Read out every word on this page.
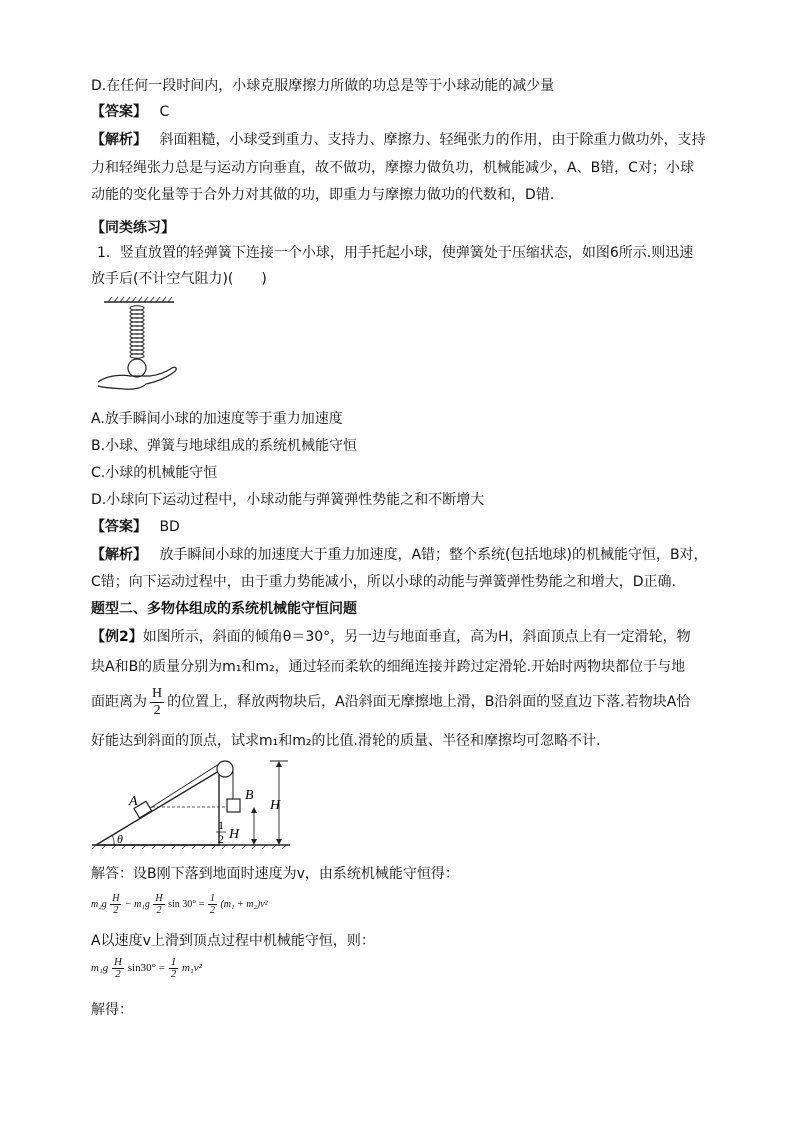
D.在任何一段时间内，小球克服摩擦力所做的功总是等于小球动能的减少量
【答案】 C
【解析】 斜面粗糙，小球受到重力、支持力、摩擦力、轻绳张力的作用，由于除重力做功外，支持
力和轻绳张力总是与运动方向垂直，故不做功，摩擦力做负功，机械能减少，A、B错，C对；小球
动能的变化量等于合外力对其做的功，即重力与摩擦力做功的代数和，D错.
【同类练习】
1．竖直放置的轻弹簧下连接一个小球，用手托起小球，使弹簧处于压缩状态，如图6所示.则迅速
放手后(不计空气阻力)(　　)
A.放手瞬间小球的加速度等于重力加速度
B.小球、弹簧与地球组成的系统机械能守恒
C.小球的机械能守恒
D.小球向下运动过程中，小球动能与弹簧弹性势能之和不断增大
【答案】 BD
【解析】 放手瞬间小球的加速度大于重力加速度，A错；整个系统(包括地球)的机械能守恒，B对，
C错；向下运动过程中，由于重力势能减小，所以小球的动能与弹簧弹性势能之和增大，D正确.
题型二、多物体组成的系统机械能守恒问题
【例2】如图所示，斜面的倾角θ＝30°，另一边与地面垂直，高为H，斜面顶点上有一定滑轮，物
块A和B的质量分别为m₁和m₂，通过轻而柔软的细绳连接并跨过定滑轮.开始时两物块都位于与地
面距离为 $\frac{H}{2}$ 的位置上，释放两物块后，A沿斜面无摩擦地上滑，B沿斜面的竖直边下落.若物块A恰
好能达到斜面的顶点，试求m₁和m₂的比值.滑轮的质量、半径和摩擦均可忽略不计.
θ
A	B
1
2 H
H
解答：设B刚下落到地面时速度为v，由系统机械能守恒得：
$m_2g \frac{H}{2} - m_1g \frac{H}{2}$ $\sin 30^\circ = \frac{1}{2} (m_1 + m_2)v^2$
A以速度v上滑到顶点过程中机械能守恒，则：
$m_1g \frac{H}{2} \sin 30^\circ = \frac{1}{2} m_1v^2$
解得：
